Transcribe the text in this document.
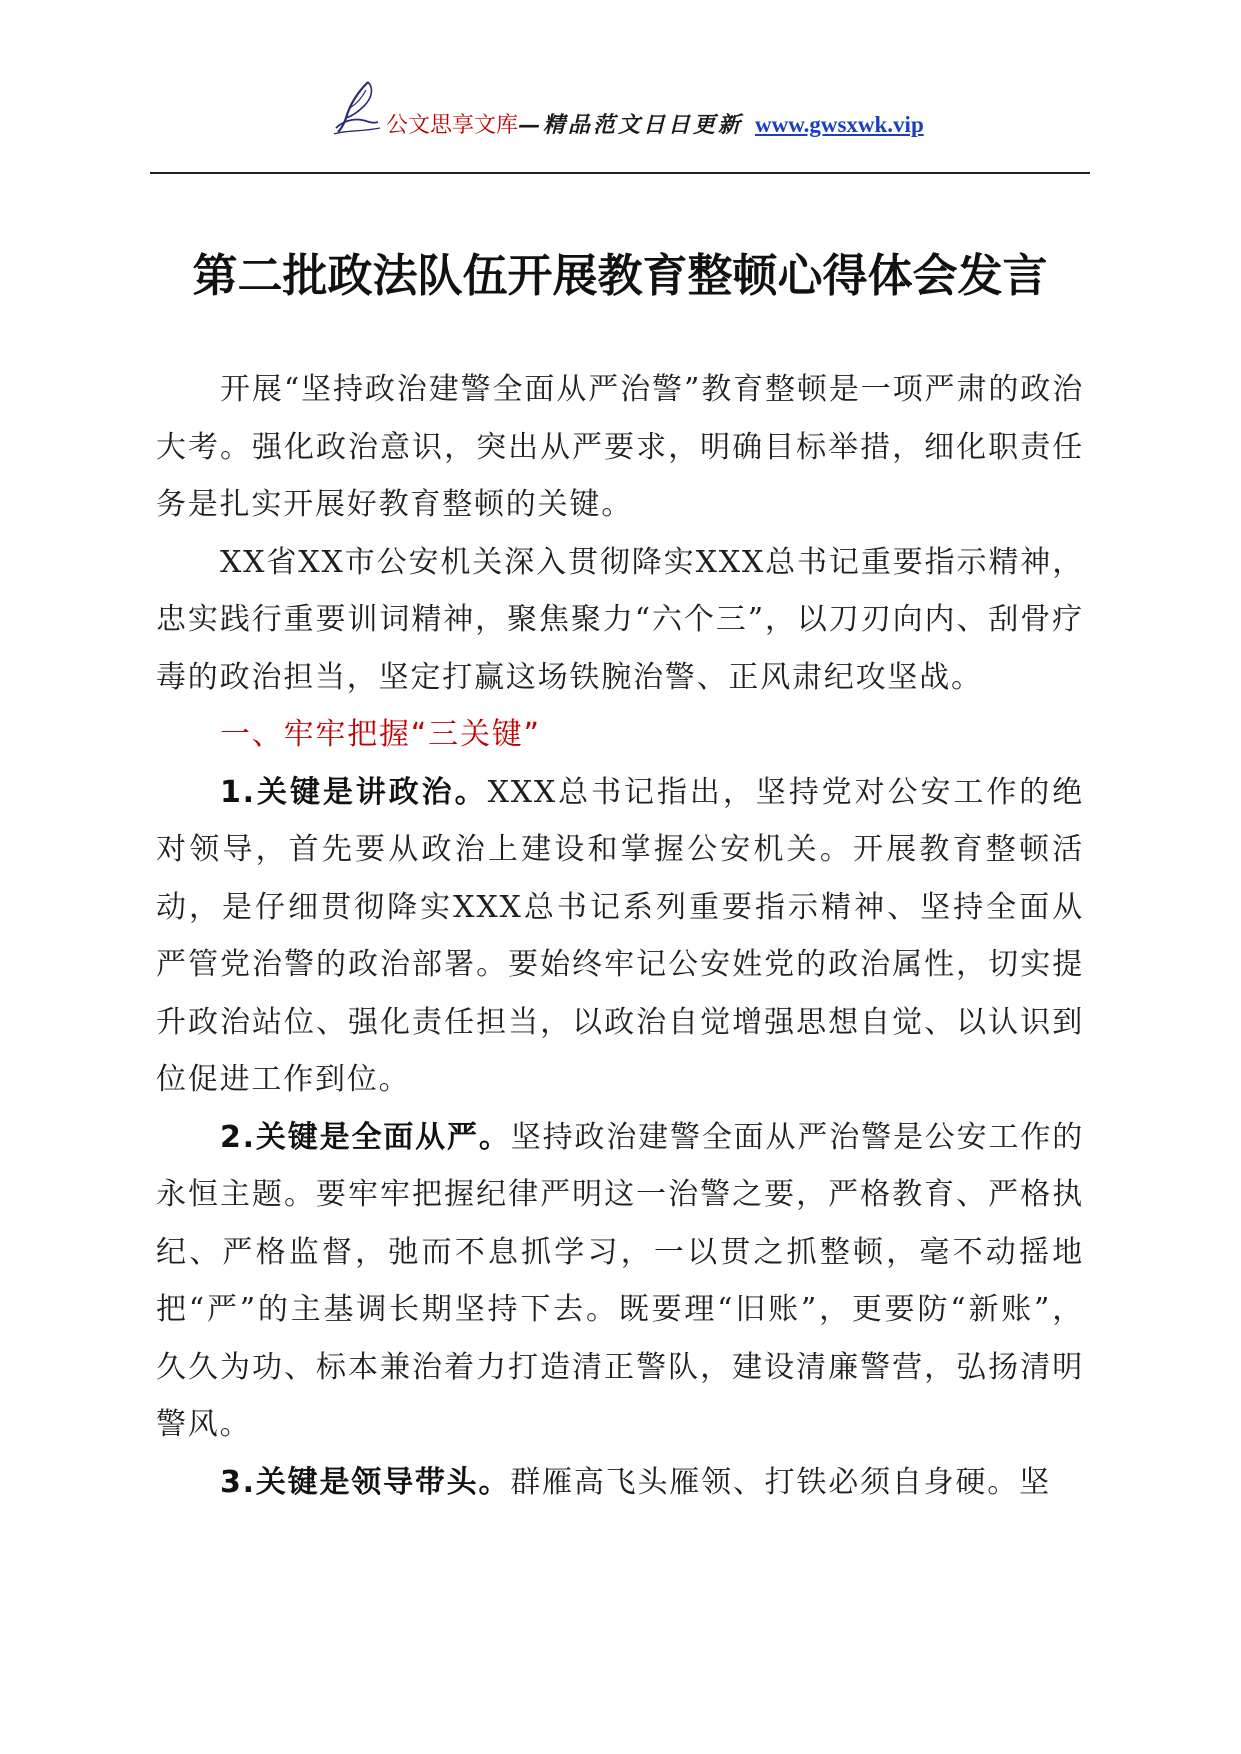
公文思享文库—精品范文日日更新 www.gwsxwk.vip
第二批政法队伍开展教育整顿心得体会发言

开展“坚持政治建警全面从严治警”教育整顿是一项严肃的政治大考。强化政治意识，突出从严要求，明确目标举措，细化职责任务是扎实开展好教育整顿的关键。

XX省XX市公安机关深入贯彻降实XXX总书记重要指示精神，忠实践行重要训词精神，聚焦聚力“六个三”，以刀刃向内、刮骨疗毒的政治担当，坚定打赢这场铁腕治警、正风肃纪攻坚战。

一、牢牢把握“三关键”

1.关键是讲政治。XXX总书记指出，坚持党对公安工作的绝对领导，首先要从政治上建设和掌握公安机关。开展教育整顿活动，是仔细贯彻降实XXX总书记系列重要指示精神、坚持全面从严管党治警的政治部署。要始终牢记公安姓党的政治属性，切实提升政治站位、强化责任担当，以政治自觉增强思想自觉、以认识到位促进工作到位。

2.关键是全面从严。坚持政治建警全面从严治警是公安工作的永恒主题。要牢牢把握纪律严明这一治警之要，严格教育、严格执纪、严格监督，弛而不息抓学习，一以贯之抓整顿，毫不动摇地把“严”的主基调长期坚持下去。既要理“旧账”，更要防“新账”，久久为功、标本兼治着力打造清正警队，建设清廉警营，弘扬清明警风。

3.关键是领导带头。群雁高飞头雁领、打铁必须自身硬。坚
